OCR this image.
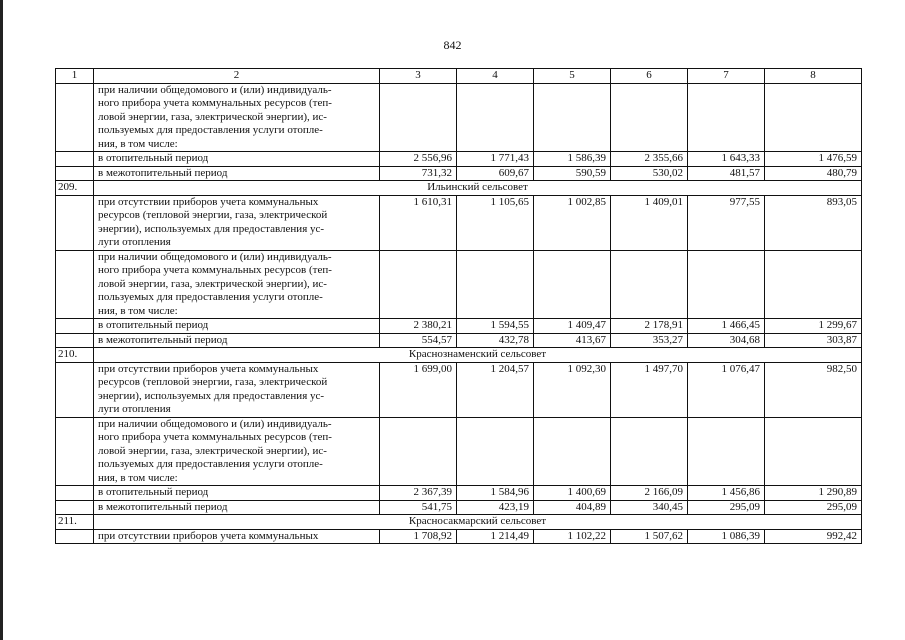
842
1	2	3	4	5	6	7	8

	при наличии общедомового и (или) индивидуаль-
ного прибора учета коммунальных ресурсов (теп-
ловой энергии, газа, электрической энергии), ис-
пользуемых для предоставления услуги отопле-
ния, в том числе:						

	в отопительный период	2 556,96	1 771,43	1 586,39	2 355,66	1 643,33	1 476,59
	в межотопительный период	731,32	609,67	590,59	530,02	481,57	480,79
209.	Ильинский сельсовет						

	при отсутствии приборов учета коммунальных
ресурсов (тепловой энергии, газа, электрической
энергии), используемых для предоставления ус-
луги отопления	1 610,31	1 105,65	1 002,85	1 409,01	977,55	893,05

	при наличии общедомового и (или) индивидуаль-
ного прибора учета коммунальных ресурсов (теп-
ловой энергии, газа, электрической энергии), ис-
пользуемых для предоставления услуги отопле-
ния, в том числе:						

	в отопительный период	2 380,21	1 594,55	1 409,47	2 178,91	1 466,45	1 299,67
	в межотопительный период	554,57	432,78	413,67	353,27	304,68	303,87
210.	Краснознаменский сельсовет						

	при отсутствии приборов учета коммунальных
ресурсов (тепловой энергии, газа, электрической
энергии), используемых для предоставления ус-
луги отопления	1 699,00	1 204,57	1 092,30	1 497,70	1 076,47	982,50

	при наличии общедомового и (или) индивидуаль-
ного прибора учета коммунальных ресурсов (теп-
ловой энергии, газа, электрической энергии), ис-
пользуемых для предоставления услуги отопле-
ния, в том числе:						

	в отопительный период	2 367,39	1 584,96	1 400,69	2 166,09	1 456,86	1 290,89
	в межотопительный период	541,75	423,19	404,89	340,45	295,09	295,09
211.	Красносакмарский сельсовет						
	при отсутствии приборов учета коммунальных	1 708,92	1 214,49	1 102,22	1 507,62	1 086,39	992,42
